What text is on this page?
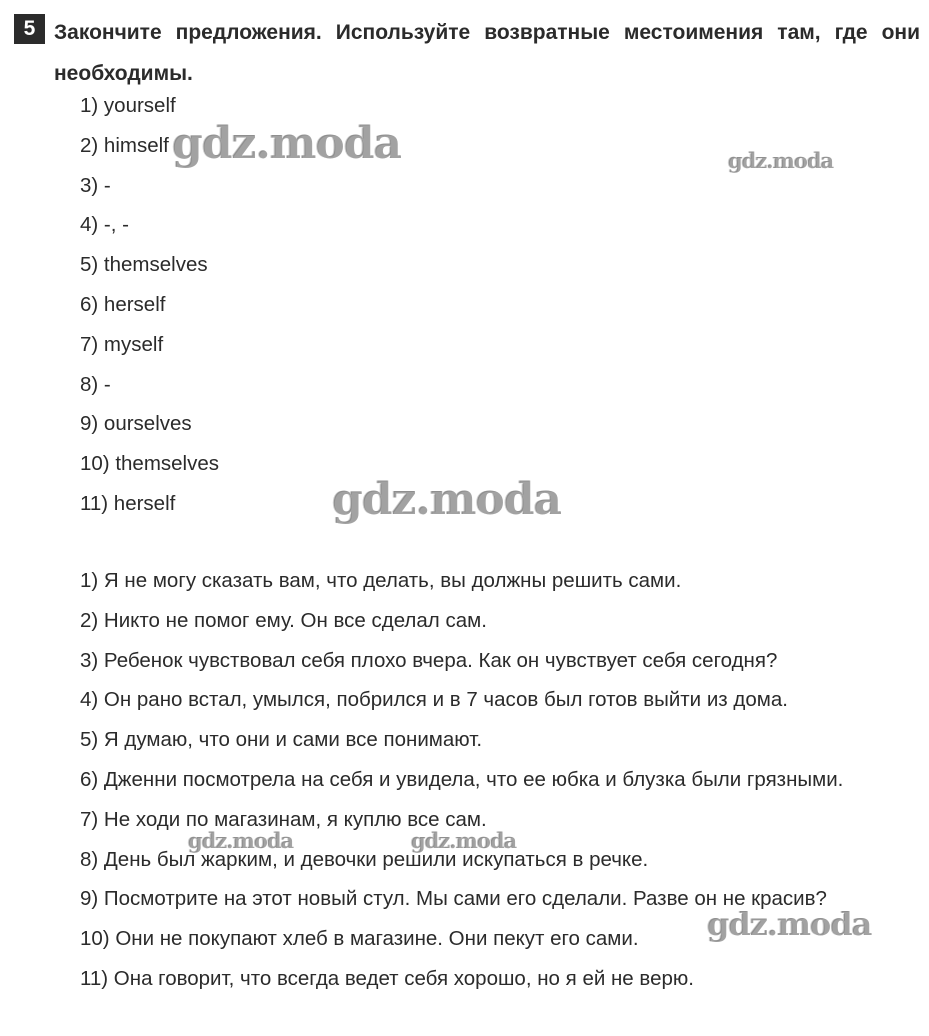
5 Закончите предложения. Используйте возвратные местоимения там, где они необходимы.
1) yourself
2) himself
3) -
4) -, -
5) themselves
6) herself
7) myself
8) -
9) ourselves
10) themselves
11) herself
1) Я не могу сказать вам, что делать, вы должны решить сами.
2) Никто не помог ему. Он все сделал сам.
3) Ребенок чувствовал себя плохо вчера. Как он чувствует себя сегодня?
4) Он рано встал, умылся, побрился и в 7 часов был готов выйти из дома.
5) Я думаю, что они и сами все понимают.
6) Дженни посмотрела на себя и увидела, что ее юбка и блузка были грязными.
7) Не ходи по магазинам, я куплю все сам.
8) День был жарким, и девочки решили искупаться в речке.
9) Посмотрите на этот новый стул. Мы сами его сделали. Разве он не красив?
10) Они не покупают хлеб в магазине. Они пекут его сами.
11) Она говорит, что всегда ведет себя хорошо, но я ей не верю.
gdz.moda	gdz.moda
gdz.moda
gdz.moda	gdz.moda
gdz.moda
